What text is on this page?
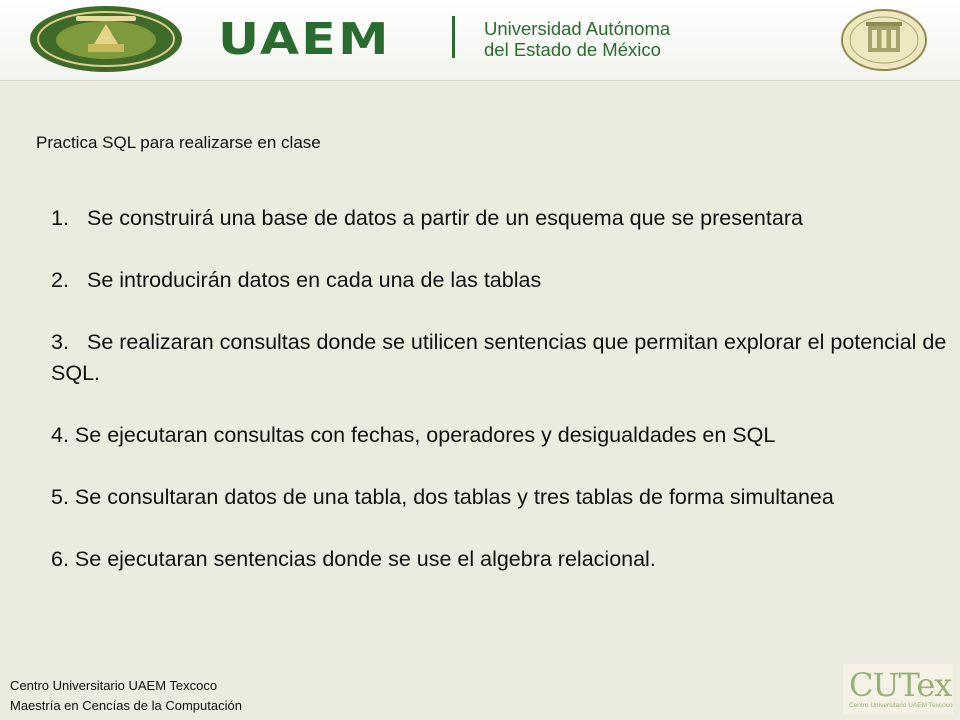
UAEM	Universidad Autónoma
del Estado de México
Practica SQL para realizarse en clase
1. Se construirá una base de datos a partir de un esquema que se presentara
2. Se introducirán datos en cada una de las tablas
3. Se realizaran consultas donde se utilicen sentencias que permitan explorar el potencial de SQL.
4. Se ejecutaran consultas con fechas, operadores y desigualdades en SQL
5. Se consultaran datos de una tabla, dos tablas y tres tablas de forma simultanea
6. Se ejecutaran sentencias donde se use el algebra relacional.
Centro Universitario UAEM Texcoco
Maestría en Cencías de la Computación
CUTex
Centro Universitario UAEM Texcoco
